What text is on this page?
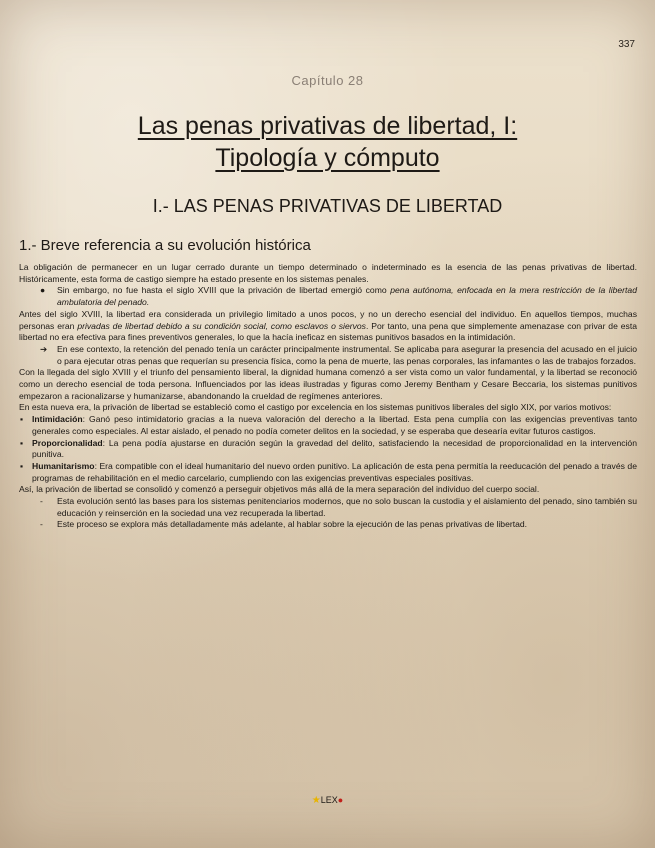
337
Capítulo 28
Las penas privativas de libertad, I:
Tipología y cómputo
I.- LAS PENAS PRIVATIVAS DE LIBERTAD
1.- Breve referencia a su evolución histórica

La obligación de permanecer en un lugar cerrado durante un tiempo determinado o indeterminado es la esencia de las penas privativas de libertad. Históricamente, esta forma de castigo siempre ha estado presente en los sistemas penales.

● Sin embargo, no fue hasta el siglo XVIII que la privación de libertad emergió como pena autónoma, enfocada en la mera restricción de la libertad ambulatoria del penado.

Antes del siglo XVIII, la libertad era considerada un privilegio limitado a unos pocos, y no un derecho esencial del individuo. En aquellos tiempos, muchas personas eran privadas de libertad debido a su condición social, como esclavos o siervos. Por tanto, una pena que simplemente amenazase con privar de esta libertad no era efectiva para fines preventivos generales, lo que la hacía ineficaz en sistemas punitivos basados en la intimidación.

➔ En ese contexto, la retención del penado tenía un carácter principalmente instrumental. Se aplicaba para asegurar la presencia del acusado en el juicio o para ejecutar otras penas que requerían su presencia física, como la pena de muerte, las penas corporales, las infamantes o las de trabajos forzados.

Con la llegada del siglo XVIII y el triunfo del pensamiento liberal, la dignidad humana comenzó a ser vista como un valor fundamental, y la libertad se reconoció como un derecho esencial de toda persona. Influenciados por las ideas ilustradas y figuras como Jeremy Bentham y Cesare Beccaria, los sistemas punitivos empezaron a racionalizarse y humanizarse, abandonando la crueldad de regímenes anteriores.

En esta nueva era, la privación de libertad se estableció como el castigo por excelencia en los sistemas punitivos liberales del siglo XIX, por varios motivos:

▪ Intimidación: Ganó peso intimidatorio gracias a la nueva valoración del derecho a la libertad. Esta pena cumplía con las exigencias preventivas tanto generales como especiales. Al estar aislado, el penado no podía cometer delitos en la sociedad, y se esperaba que desearía evitar futuros castigos.

▪ Proporcionalidad: La pena podía ajustarse en duración según la gravedad del delito, satisfaciendo la necesidad de proporcionalidad en la intervención punitiva.

▪ Humanitarismo: Era compatible con el ideal humanitario del nuevo orden punitivo. La aplicación de esta pena permitía la reeducación del penado a través de programas de rehabilitación en el medio carcelario, cumpliendo con las exigencias preventivas especiales positivas.

Así, la privación de libertad se consolidó y comenzó a perseguir objetivos más allá de la mera separación del individuo del cuerpo social.

- Esta evolución sentó las bases para los sistemas penitenciarios modernos, que no solo buscan la custodia y el aislamiento del penado, sino también su educación y reinserción en la sociedad una vez recuperada la libertad.

- Este proceso se explora más detalladamente más adelante, al hablar sobre la ejecución de las penas privativas de libertad.

★LEX●
